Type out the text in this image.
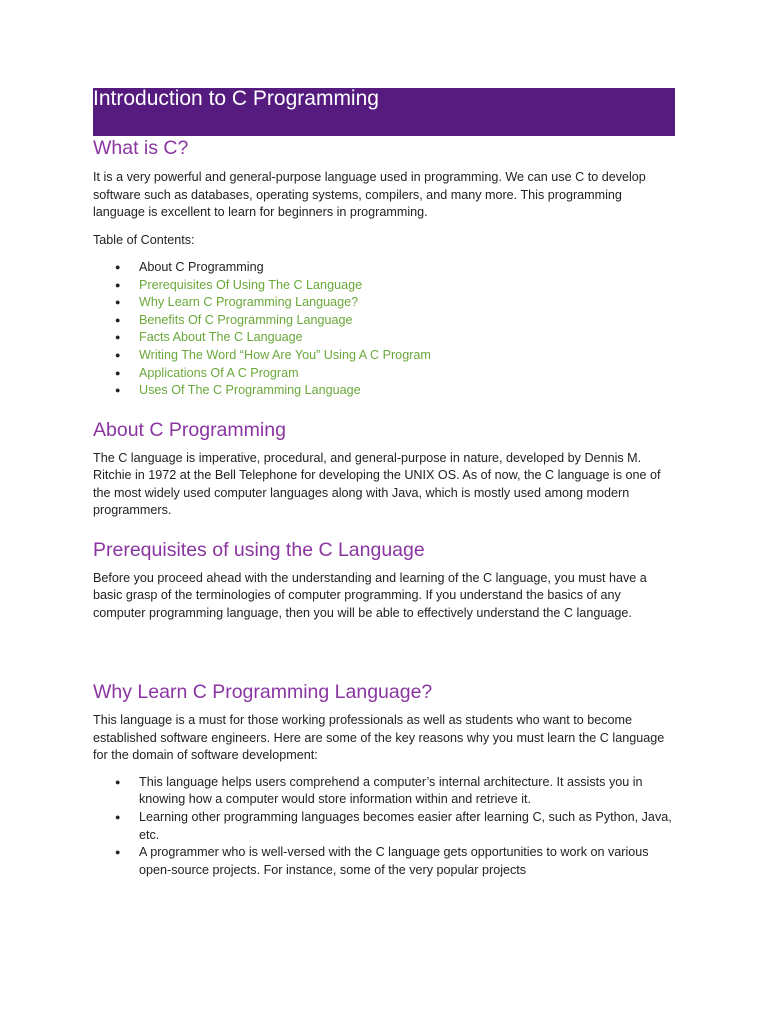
Introduction to C Programming
What is C?

It is a very powerful and general-purpose language used in programming. We can use C to develop software such as databases, operating systems, compilers, and many more. This programming language is excellent to learn for beginners in programming.

Table of Contents:

● About C Programming
● Prerequisites Of Using The C Language
● Why Learn C Programming Language?
● Benefits Of C Programming Language
● Facts About The C Language
● Writing The Word “How Are You” Using A C Program
● Applications Of A C Program
● Uses Of The C Programming Language
About C Programming

The C language is imperative, procedural, and general-purpose in nature, developed by Dennis M. Ritchie in 1972 at the Bell Telephone for developing the UNIX OS. As of now, the C language is one of the most widely used computer languages along with Java, which is mostly used among modern programmers.

Prerequisites of using the C Language

Before you proceed ahead with the understanding and learning of the C language, you must have a basic grasp of the terminologies of computer programming. If you understand the basics of any computer programming language, then you will be able to effectively understand the C language.

Why Learn C Programming Language?

This language is a must for those working professionals as well as students who want to become established software engineers. Here are some of the key reasons why you must learn the C language for the domain of software development:

● This language helps users comprehend a computer’s internal architecture. It assists you in knowing how a computer would store information within and retrieve it.
● Learning other programming languages becomes easier after learning C, such as Python, Java, etc.
● A programmer who is well-versed with the C language gets opportunities to work on various open-source projects. For instance, some of the very popular projects
